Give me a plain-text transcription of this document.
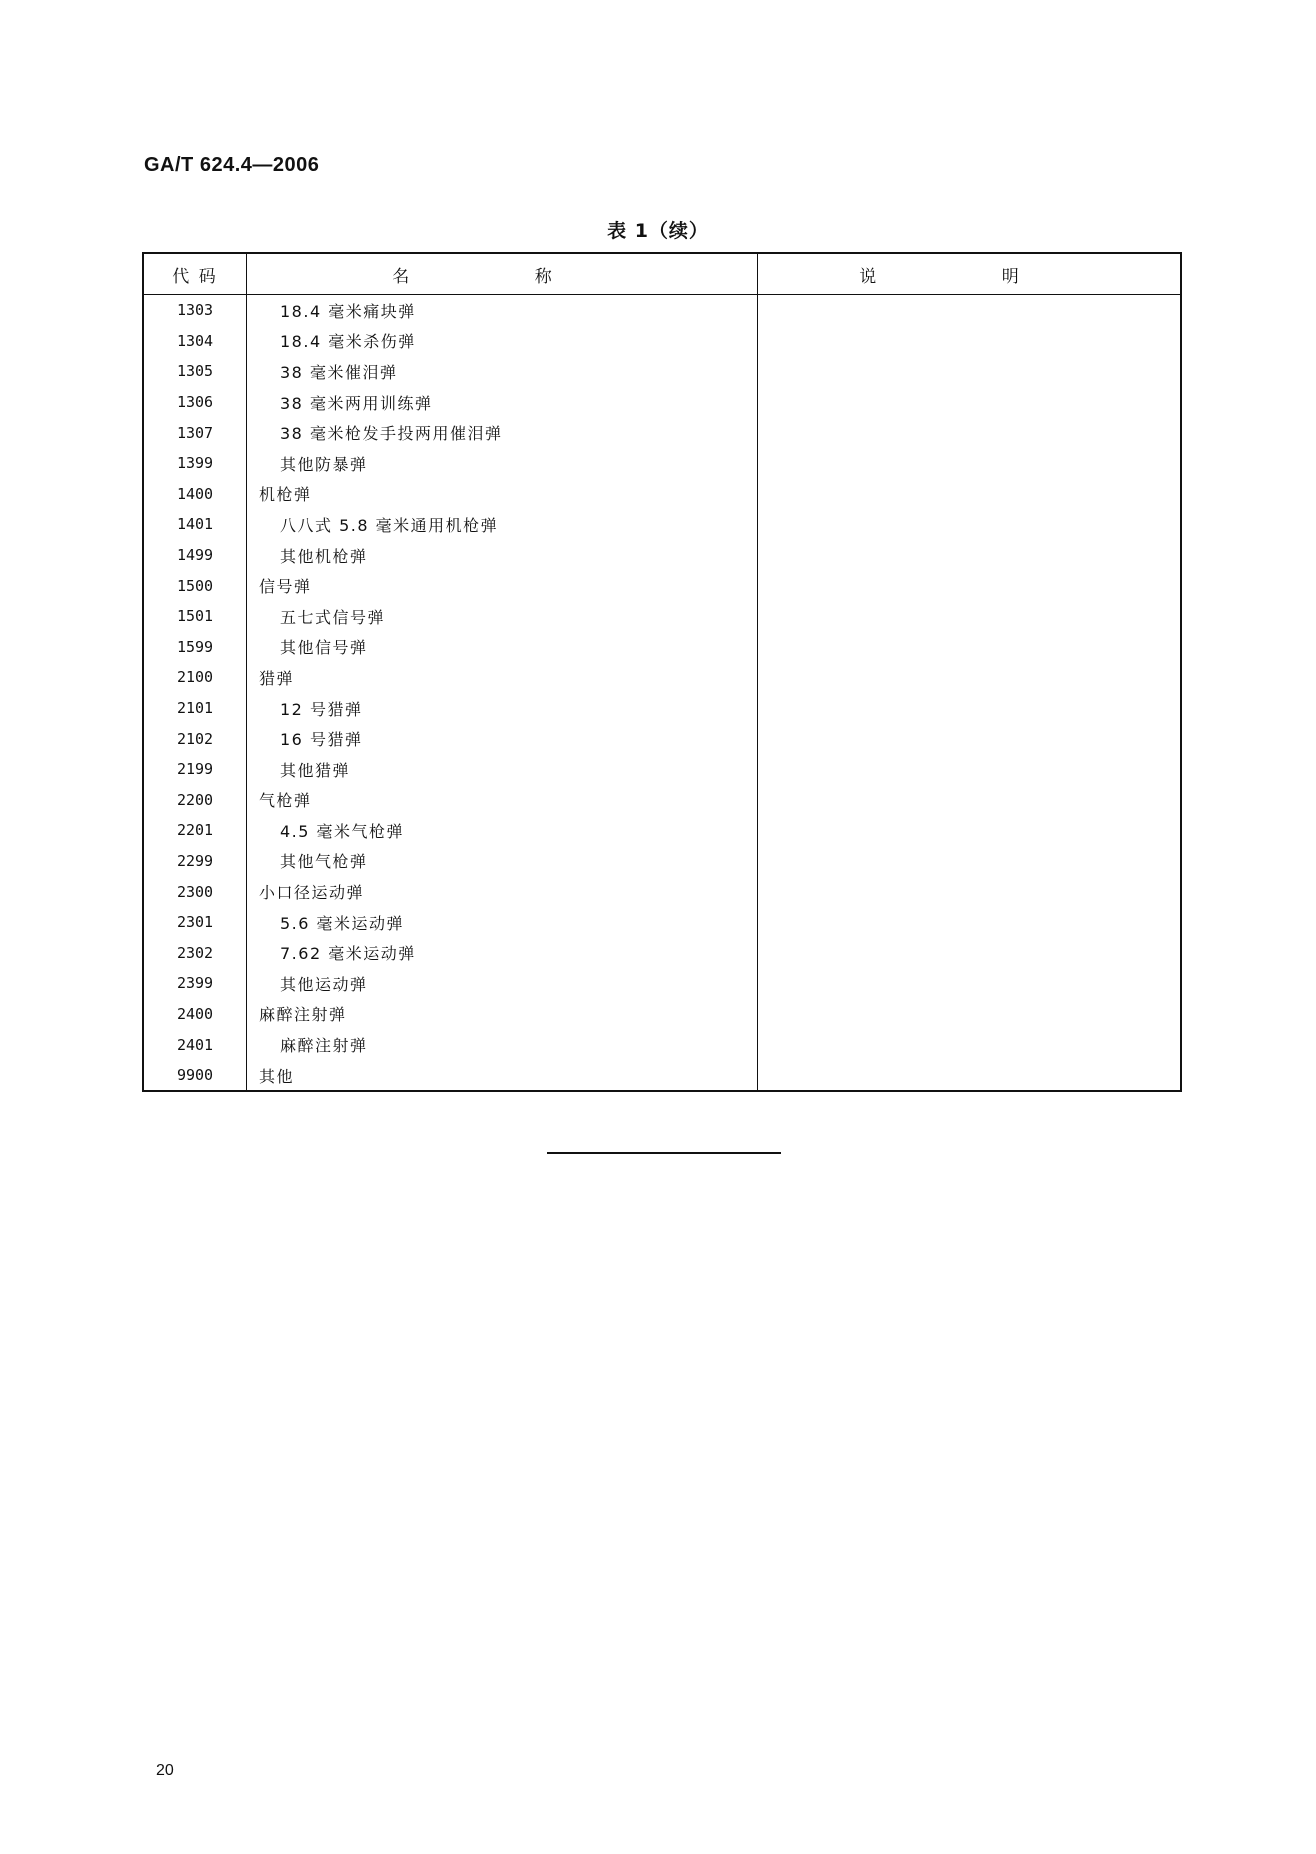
GA/T 624.4—2006
表 1（续）
代 码	名 称	说 明
1303	18.4 毫米痛块弹	
1304	18.4 毫米杀伤弹	
1305	38 毫米催泪弹	
1306	38 毫米两用训练弹	
1307	38 毫米枪发手投两用催泪弹	
1399	其他防暴弹	
1400	机枪弹	
1401	八八式 5.8 毫米通用机枪弹	
1499	其他机枪弹	
1500	信号弹	
1501	五七式信号弹	
1599	其他信号弹	
2100	猎弹	
2101	12 号猎弹	
2102	16 号猎弹	
2199	其他猎弹	
2200	气枪弹	
2201	4.5 毫米气枪弹	
2299	其他气枪弹	
2300	小口径运动弹	
2301	5.6 毫米运动弹	
2302	7.62 毫米运动弹	
2399	其他运动弹	
2400	麻醉注射弹	
2401	麻醉注射弹	
9900	其他	
20
